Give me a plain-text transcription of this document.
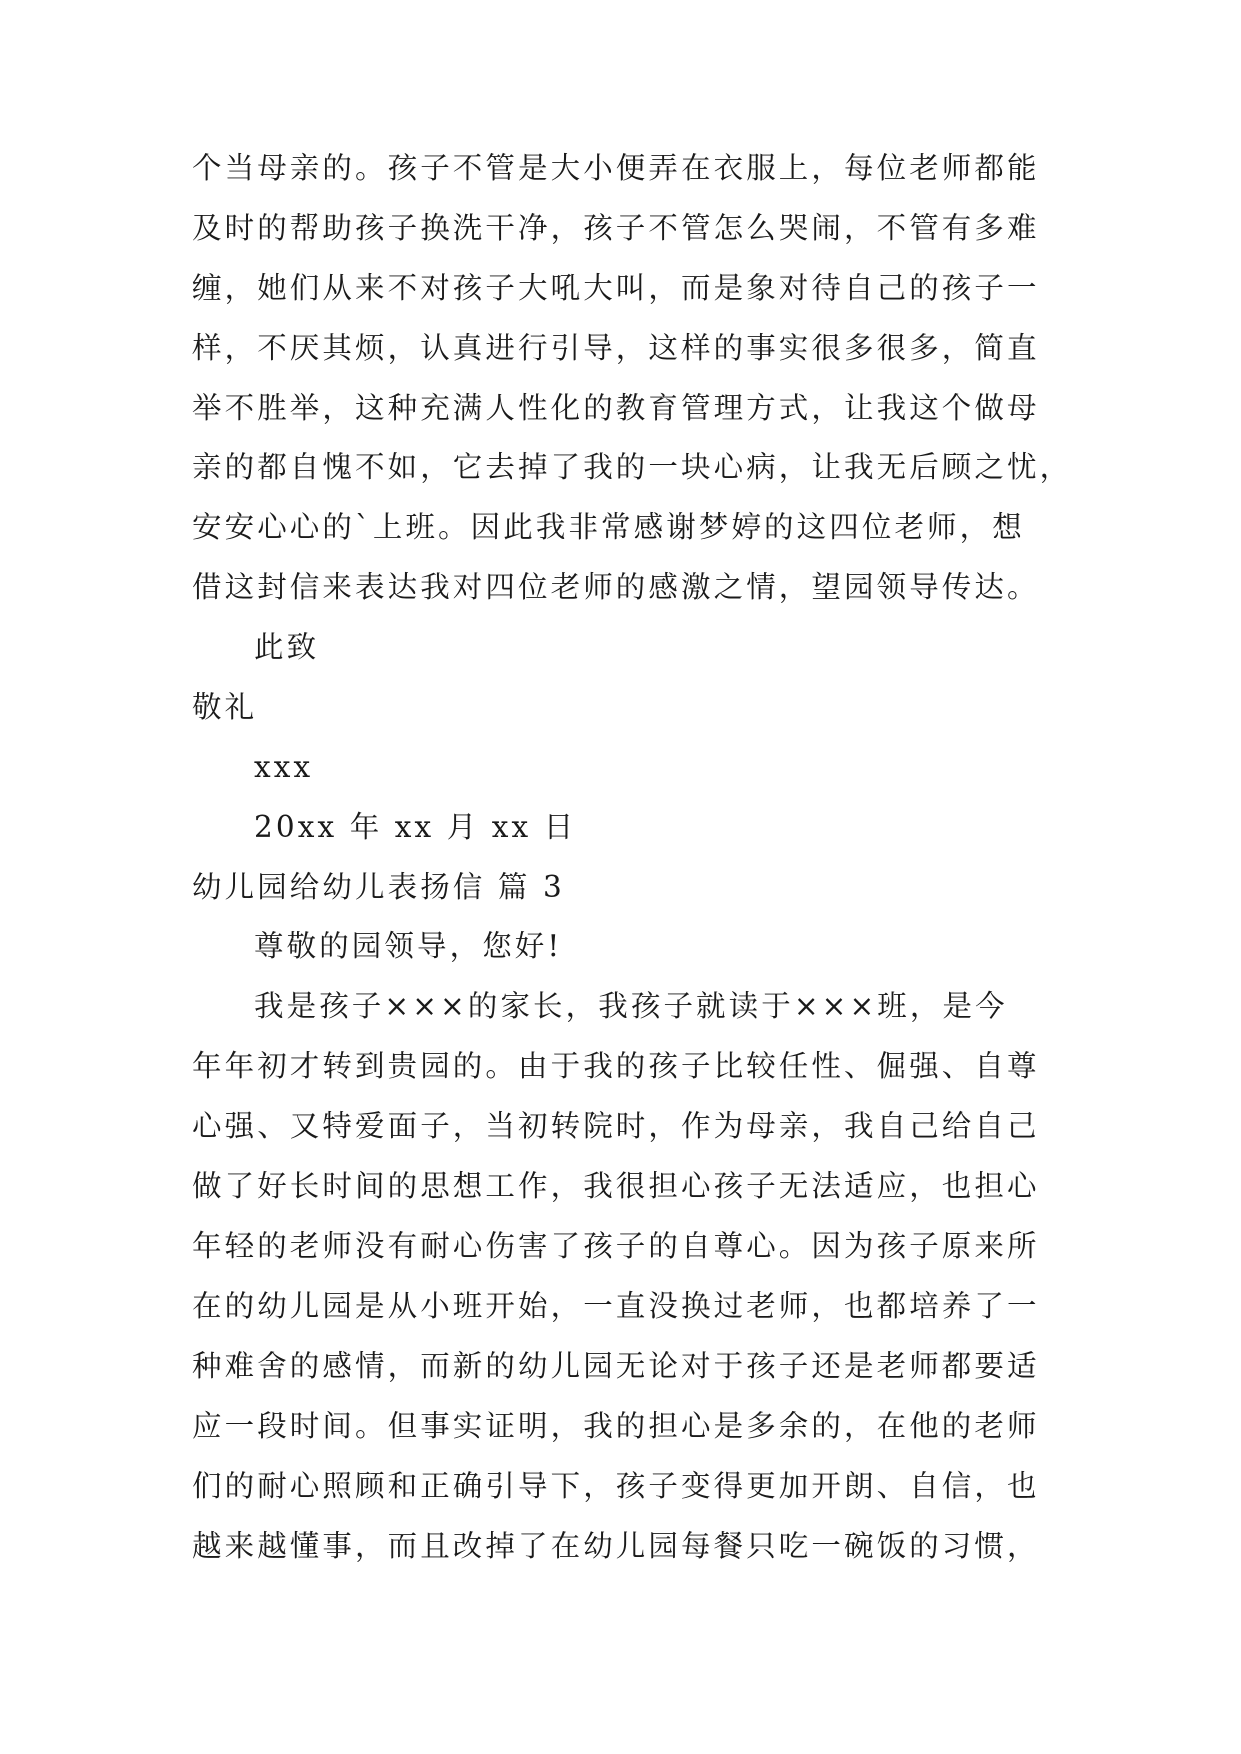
个当母亲的。孩子不管是大小便弄在衣服上，每位老师都能
及时的帮助孩子换洗干净，孩子不管怎么哭闹，不管有多难
缠，她们从来不对孩子大吼大叫，而是象对待自己的孩子一
样，不厌其烦，认真进行引导，这样的事实很多很多，简直
举不胜举，这种充满人性化的教育管理方式，让我这个做母
亲的都自愧不如，它去掉了我的一块心病，让我无后顾之忧，
安安心心的`上班。因此我非常感谢梦婷的这四位老师，想
借这封信来表达我对四位老师的感激之情，望园领导传达。
此致
敬礼
xxx
20xx 年 xx 月 xx 日
幼儿园给幼儿表扬信 篇 3
尊敬的园领导，您好!
我是孩子×××的家长，我孩子就读于×××班，是今
年年初才转到贵园的。由于我的孩子比较任性、倔强、自尊
心强、又特爱面子，当初转院时，作为母亲，我自己给自己
做了好长时间的思想工作，我很担心孩子无法适应，也担心
年轻的老师没有耐心伤害了孩子的自尊心。因为孩子原来所
在的幼儿园是从小班开始，一直没换过老师，也都培养了一
种难舍的感情，而新的幼儿园无论对于孩子还是老师都要适
应一段时间。但事实证明，我的担心是多余的，在他的老师
们的耐心照顾和正确引导下，孩子变得更加开朗、自信，也
越来越懂事，而且改掉了在幼儿园每餐只吃一碗饭的习惯，
